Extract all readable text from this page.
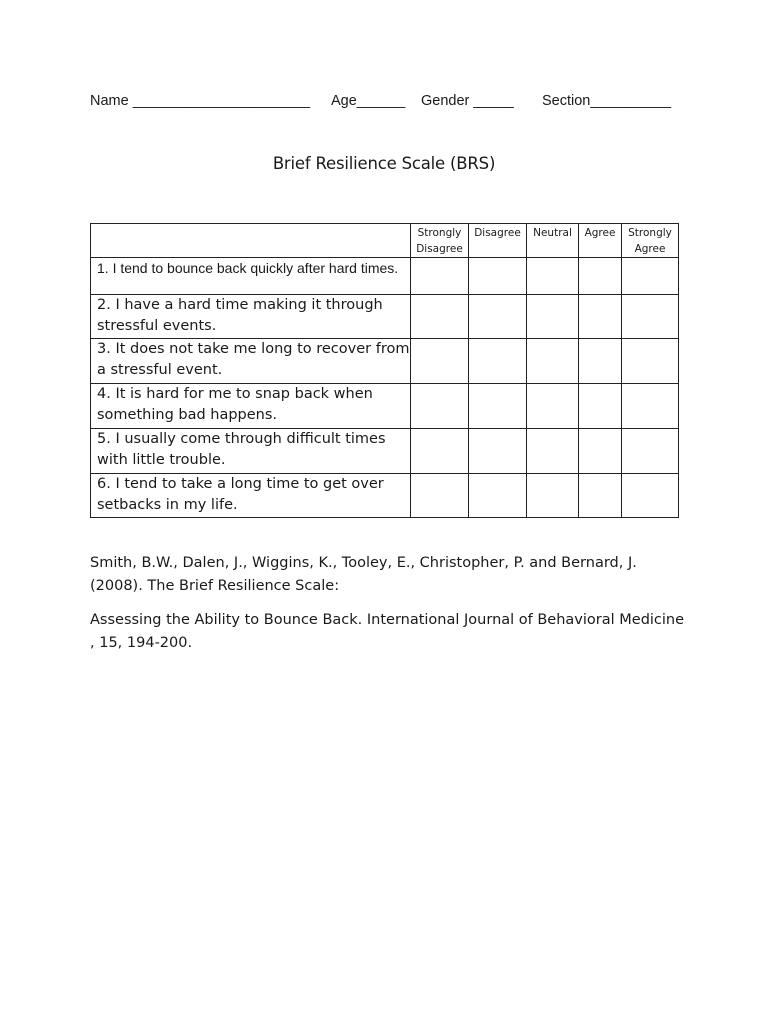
Name ______________________

Age______

Gender _____

Section__________

Brief Resilience Scale (BRS)
	Strongly Disagree	Disagree	Neutral	Agree	Strongly Agree
1. I tend to bounce back quickly after hard times.					
2. I have a hard time making it through stressful events.					
3. It does not take me long to recover from a stressful event.					
4. It is hard for me to snap back when something bad happens.					
5. I usually come through difficult times with little trouble.					
6. I tend to take a long time to get over setbacks in my life.					
Smith, B.W., Dalen, J., Wiggins, K., Tooley, E., Christopher, P. and Bernard, J. (2008). The Brief Resilience Scale:
Assessing the Ability to Bounce Back. International Journal of Behavioral Medicine , 15, 194-200.
